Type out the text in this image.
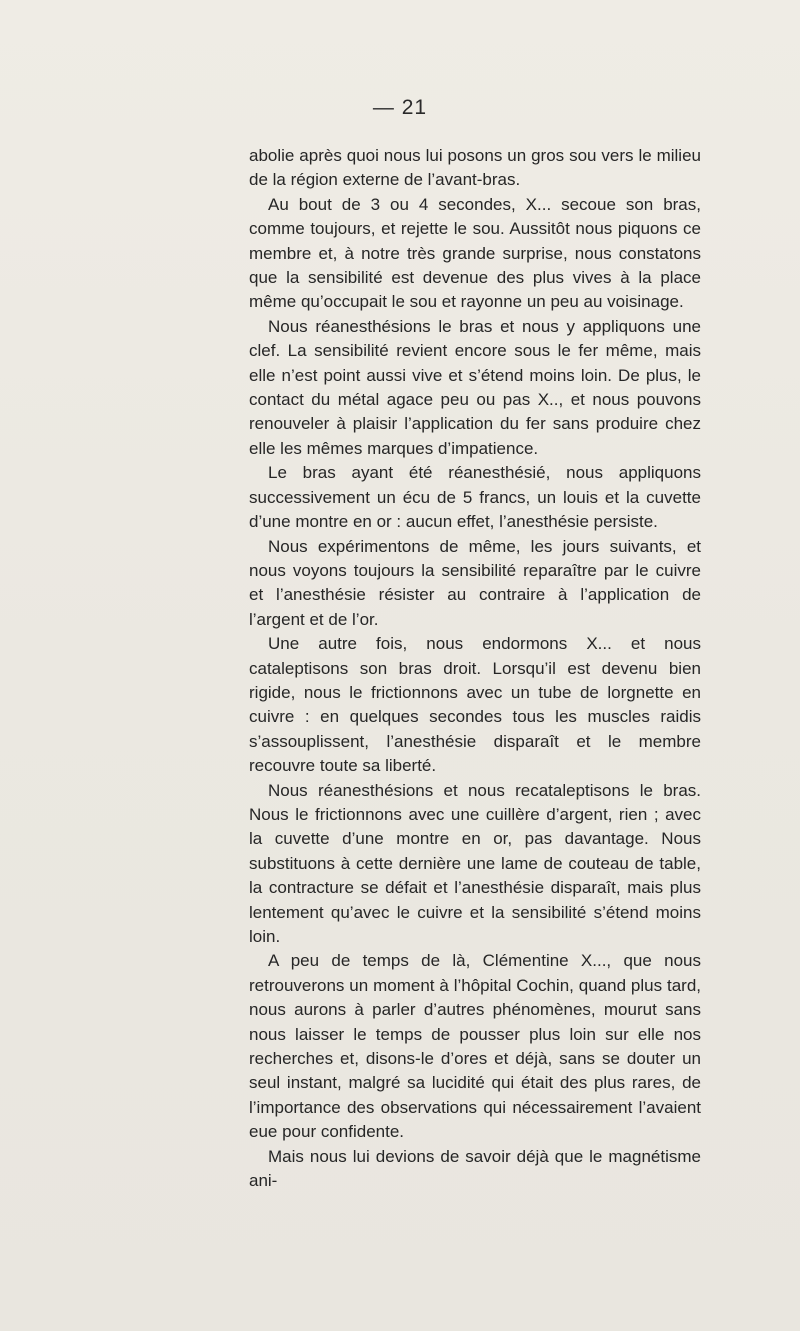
— 21

abolie après quoi nous lui posons un gros sou vers le milieu de la région externe de l’avant-bras.

Au bout de 3 ou 4 secondes, X... secoue son bras, comme toujours, et rejette le sou. Aussitôt nous piquons ce membre et, à notre très grande surprise, nous constatons que la sensibilité est devenue des plus vives à la place même qu’occupait le sou et rayonne un peu au voisinage.

Nous réanesthésions le bras et nous y appliquons une clef. La sensibilité revient encore sous le fer même, mais elle n’est point aussi vive et s’étend moins loin. De plus, le contact du métal agace peu ou pas X.., et nous pouvons renouveler à plaisir l’application du fer sans produire chez elle les mêmes marques d’impatience.

Le bras ayant été réanesthésié, nous appliquons successivement un écu de 5 francs, un louis et la cuvette d’une montre en or : aucun effet, l’anesthésie persiste.

Nous expérimentons de même, les jours suivants, et nous voyons toujours la sensibilité reparaître par le cuivre et l’anesthésie résister au contraire à l’application de l’argent et de l’or.

Une autre fois, nous endormons X... et nous cataleptisons son bras droit. Lorsqu’il est devenu bien rigide, nous le frictionnons avec un tube de lorgnette en cuivre : en quelques secondes tous les muscles raidis s’assouplissent, l’anesthésie disparaît et le membre recouvre toute sa liberté.

Nous réanesthésions et nous recataleptisons le bras. Nous le frictionnons avec une cuillère d’argent, rien ; avec la cuvette d’une montre en or, pas davantage. Nous substituons à cette dernière une lame de couteau de table, la contracture se défait et l’anesthésie disparaît, mais plus lentement qu’avec le cuivre et la sensibilité s’étend moins loin.

A peu de temps de là, Clémentine X..., que nous retrouverons un moment à l’hôpital Cochin, quand plus tard, nous aurons à parler d’autres phénomènes, mourut sans nous laisser le temps de pousser plus loin sur elle nos recherches et, disons-le d’ores et déjà, sans se douter un seul instant, malgré sa lucidité qui était des plus rares, de l’importance des observations qui nécessairement l’avaient eue pour confidente.

Mais nous lui devions de savoir déjà que le magnétisme ani-
